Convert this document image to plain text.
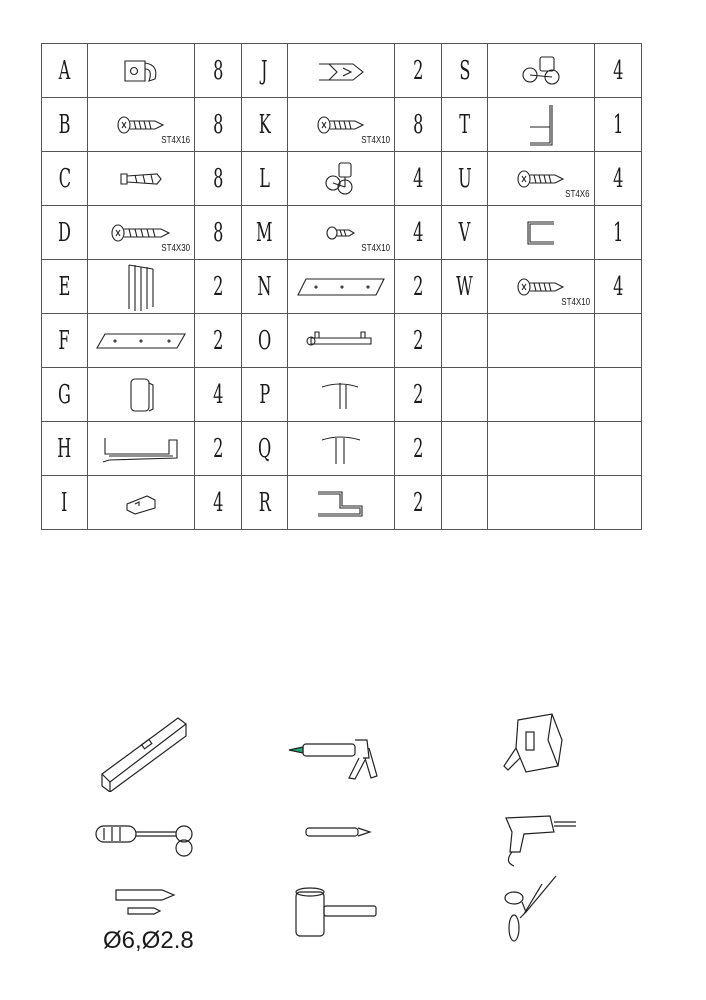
A		8	J		2	S		4
B	ST4X16	8	K	ST4X10	8	T		1
C		8	L		4	U	ST4X6	4
D	ST4X30	8	M	ST4X10	4	V		1
E		2	N		2	W	ST4X10	4
F		2	O		2			
G		4	P		2			
H		2	Q		2			
I		4	R		2			
Ø6,Ø2.8
